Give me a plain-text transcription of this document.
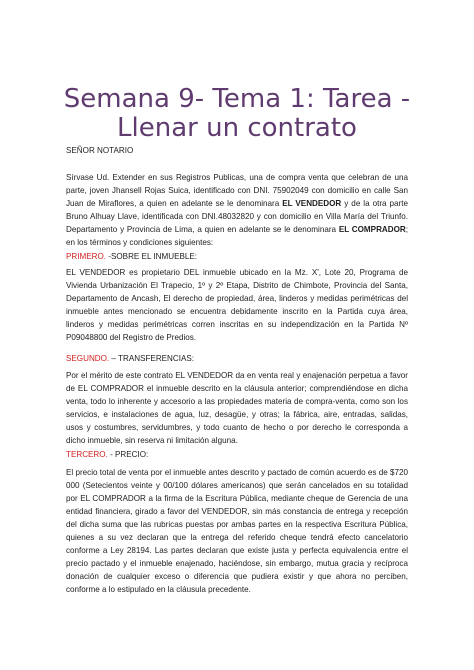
Semana 9- Tema 1: Tarea -
Llenar un contrato

SEÑOR NOTARIO

Sírvase Ud. Extender en sus Registros Publicas, una de compra venta que celebran de una parte, joven Jhansell Rojas Suica, identificado con DNI. 75902049 con domicilio en calle San Juan de Miraflores, a quien en adelante se le denominara EL VENDEDOR y de la otra parte Bruno Alhuay Llave, identificada con DNI.48032820 y con domicilio en Villa María del Triunfo. Departamento y Provincia de Lima, a quien en adelante se le denominara EL COMPRADOR; en los términos y condiciones siguientes:

PRIMERO. -SOBRE EL INMUEBLE:

EL VENDEDOR es propietario DEL inmueble ubicado en la Mz. X', Lote 20, Programa de Vivienda Urbanización El Trapecio, 1º y 2º Etapa, Distrito de Chimbote, Provincia del Santa, Departamento de Ancash, El derecho de propiedad, área, linderos y medidas perimétricas del inmueble antes mencionado se encuentra debidamente inscrito en la Partida cuya área, linderos y medidas perimétricas corren inscritas en su independización en la Partida Nº P09048800 del Registro de Predios.

SEGUNDO. – TRANSFERENCIAS:

Por el mérito de este contrato EL VENDEDOR da en venta real y enajenación perpetua a favor de EL COMPRADOR el inmueble descrito en la cláusula anterior; comprendiéndose en dicha venta, todo lo inherente y accesorio a las propiedades materia de compra-venta, como son los servicios, e instalaciones de agua, luz, desagüe, y otras; la fábrica, aire, entradas, salidas, usos y costumbres, servidumbres, y todo cuanto de hecho o por derecho le corresponda a dicho inmueble, sin reserva ni limitación alguna.

TERCERO. - PRECIO:

El precio total de venta por el inmueble antes descrito y pactado de común acuerdo es de $720 000 (Setecientos veinte y 00/100 dólares americanos) que serán cancelados en su totalidad por EL COMPRADOR a la firma de la Escritura Pública, mediante cheque de Gerencia de una entidad financiera, girado a favor del VENDEDOR, sin más constancia de entrega y recepción del dicha suma que las rubricas puestas por ambas partes en la respectiva Escritura Pública, quienes a su vez declaran que la entrega del referido cheque tendrá efecto cancelatorio conforme a Ley 28194. Las partes declaran que existe justa y perfecta equivalencia entre el precio pactado y el inmueble enajenado, haciéndose, sin embargo, mutua gracia y recíproca donación de cualquier exceso o diferencia que pudiera existir y que ahora no perciben, conforme a lo estipulado en la cláusula precedente.
